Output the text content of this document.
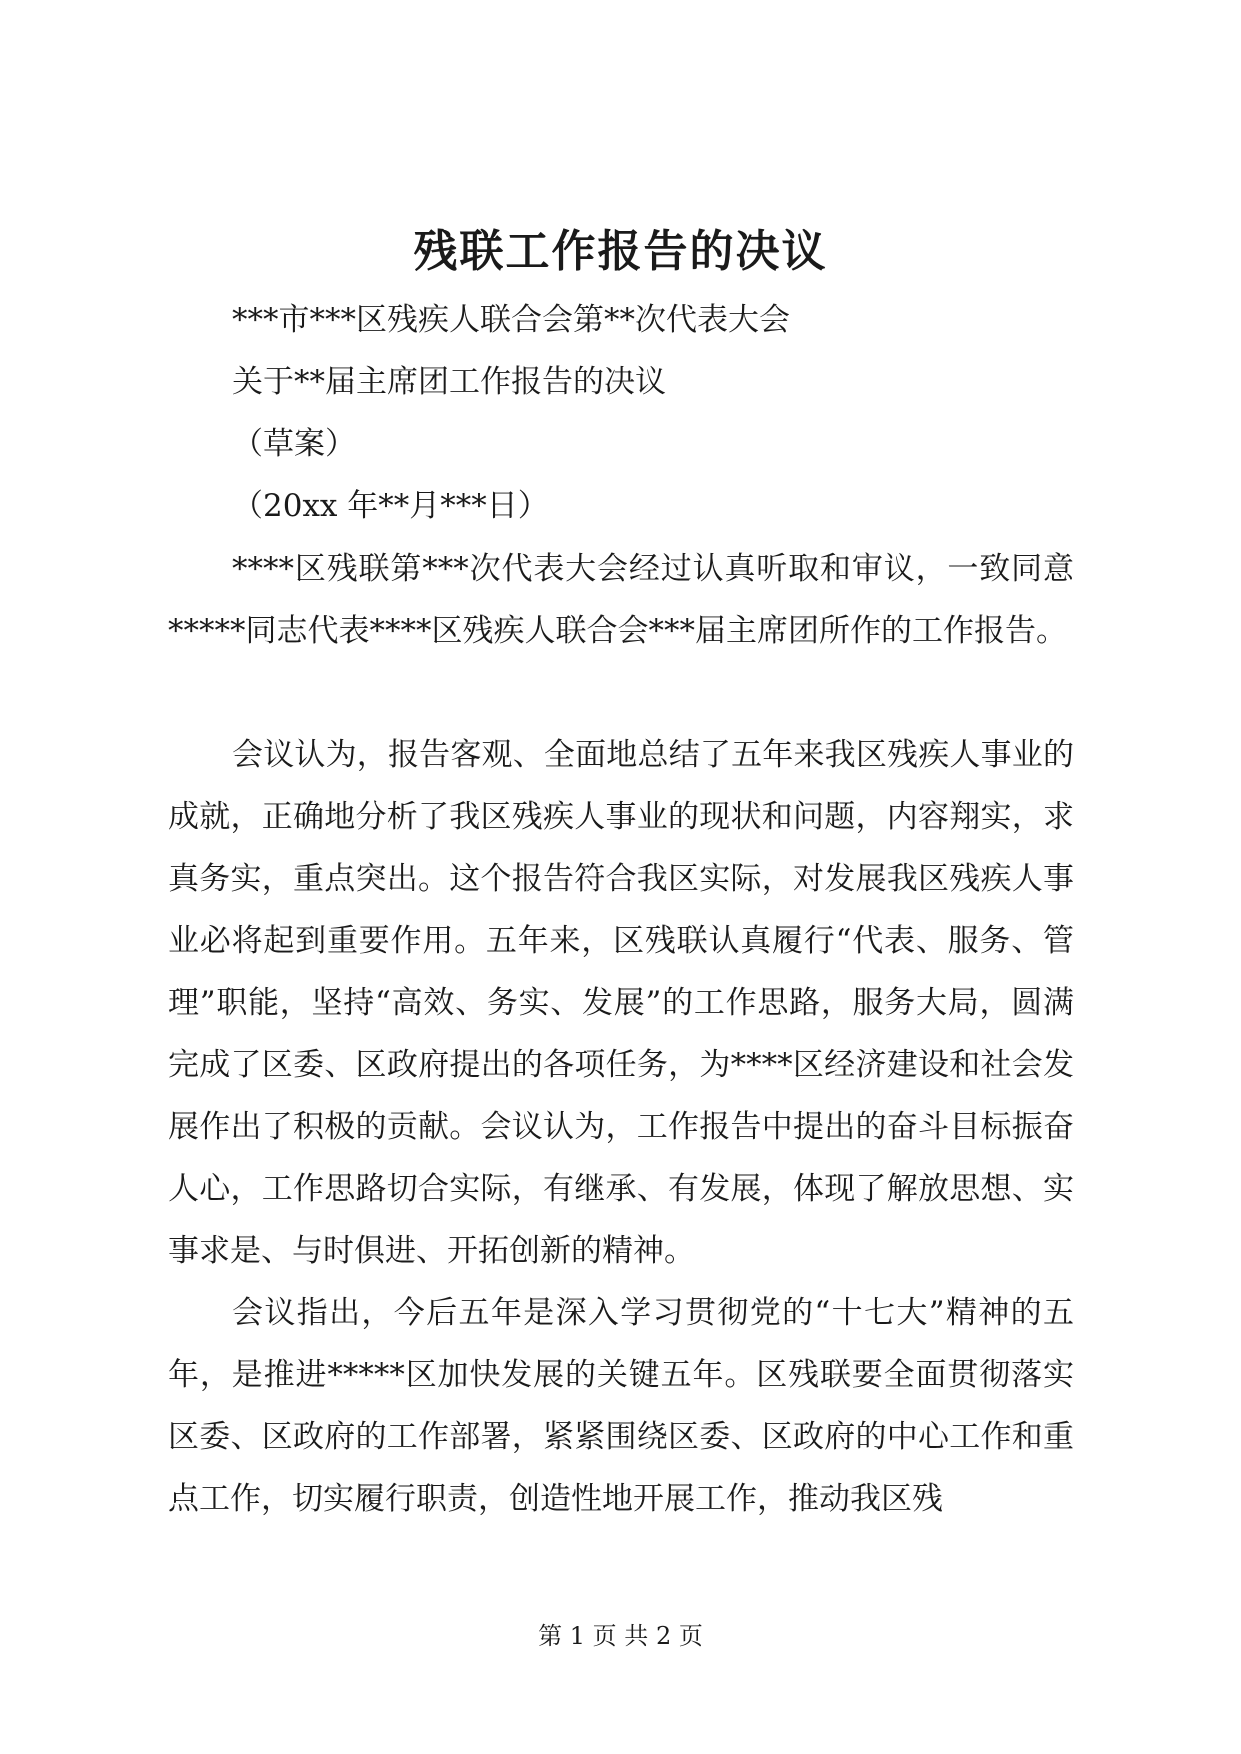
残联工作报告的决议
***市***区残疾人联合会第**次代表大会
关于**届主席团工作报告的决议
（草案）
（20xx 年**月***日）

****区残联第***次代表大会经过认真听取和审议，一致同意*****同志代表****区残疾人联合会***届主席团所作的工作报告。

会议认为，报告客观、全面地总结了五年来我区残疾人事业的成就，正确地分析了我区残疾人事业的现状和问题，内容翔实，求真务实，重点突出。这个报告符合我区实际，对发展我区残疾人事业必将起到重要作用。五年来，区残联认真履行“代表、服务、管理”职能，坚持“高效、务实、发展”的工作思路，服务大局，圆满完成了区委、区政府提出的各项任务，为****区经济建设和社会发展作出了积极的贡献。会议认为，工作报告中提出的奋斗目标振奋人心，工作思路切合实际，有继承、有发展，体现了解放思想、实事求是、与时俱进、开拓创新的精神。

会议指出，今后五年是深入学习贯彻党的“十七大”精神的五年，是推进*****区加快发展的关键五年。区残联要全面贯彻落实区委、区政府的工作部署，紧紧围绕区委、区政府的中心工作和重点工作，切实履行职责，创造性地开展工作，推动我区残

第 1 页 共 2 页
